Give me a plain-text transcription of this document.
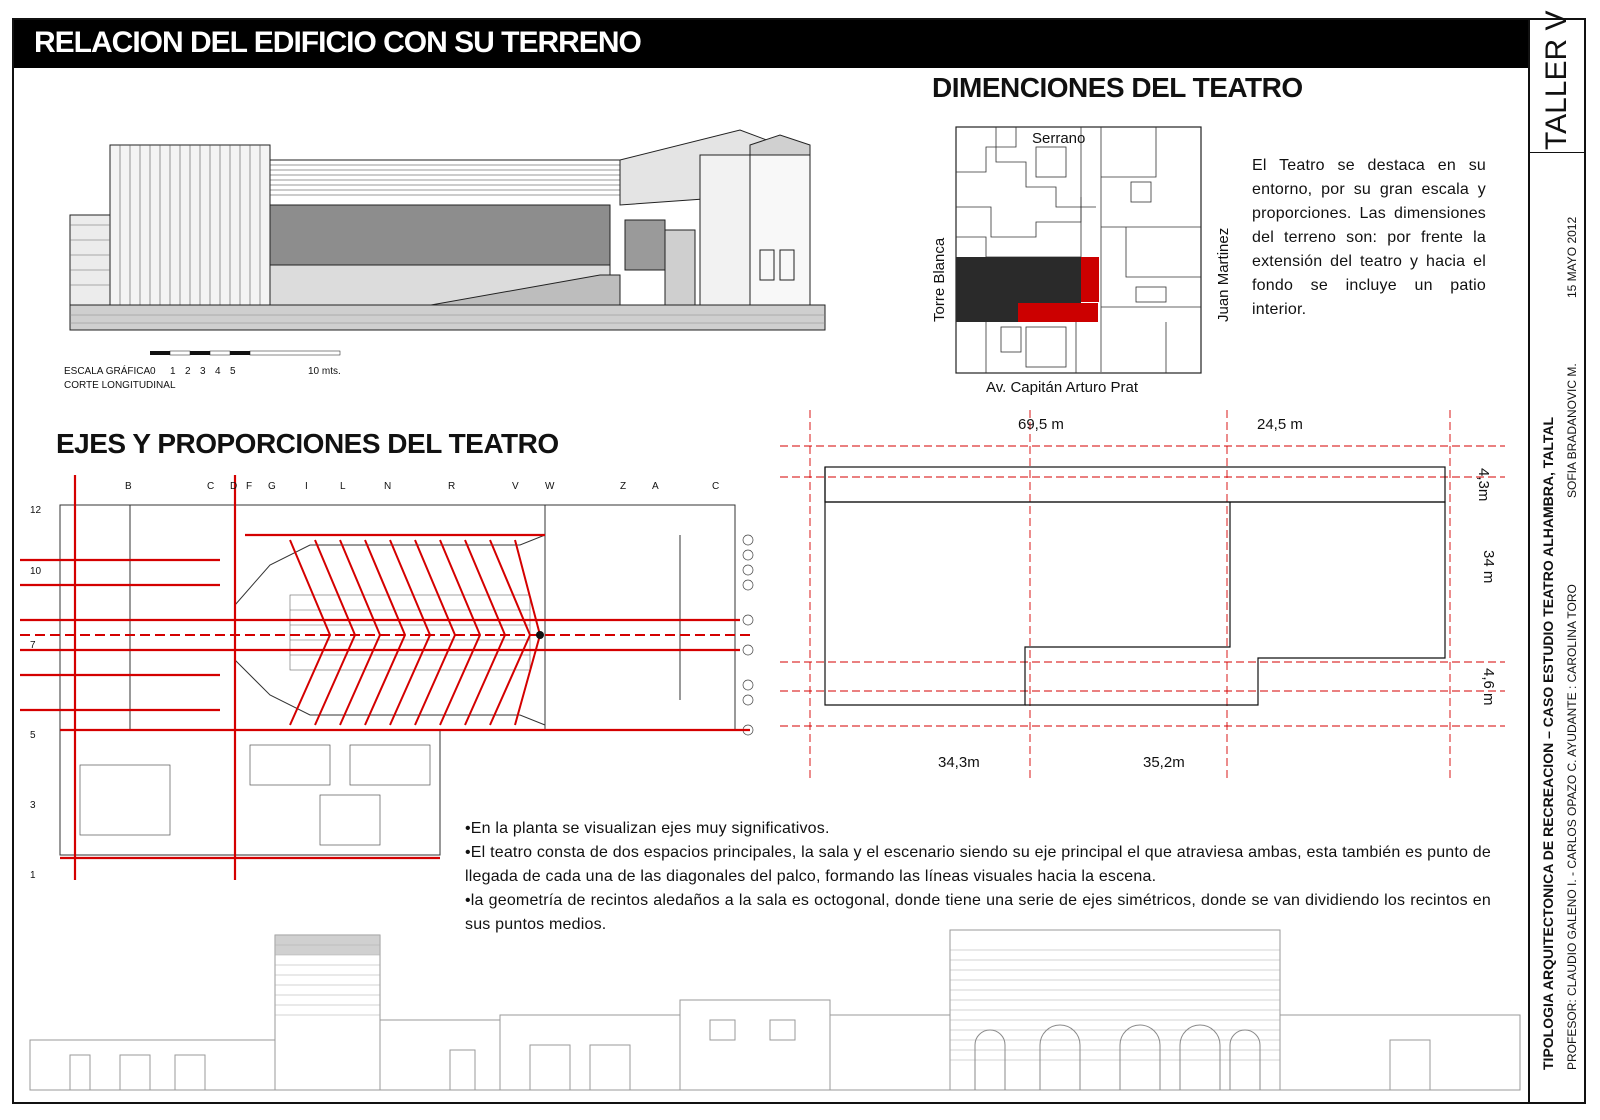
RELACION DEL EDIFICIO CON SU TERRENO	TALLER V
TIPOLOGIA ARQUITECTONICA DE RECREACION – CASO ESTUDIO TEATRO ALHAMBRA, TALTAL
15 MAYO 2012
SOFIA BRADANOVIC M.
PROFESOR: CLAUDIO GALENO I. - CARLOS OPAZO C. AYUDANTE : CAROLINA TORO
ESCALA GRÁFICA 0 1 2 3 4 5	10 mts.
CORTE LONGITUDINAL
DIMENCIONES DEL TEATRO
Serrano
Av. Capitán Arturo Prat
Torre Blanca	Juan Martinez
El Teatro se destaca en su entorno, por su gran escala y proporciones. Las dimensiones del terreno son: por frente la extensión del teatro y hacia el fondo se incluye un patio interior.
69,5 m	24,5 m
34,3m	35,2m
4,3m
34 m
4,6 m
EJES Y PROPORCIONES DEL TEATRO
B	C D F G	I	L	N	R	V	W	Z	A	C
12
10
7
5
3
1
•En la planta se visualizan ejes muy significativos.
•El teatro consta de dos espacios principales, la sala y el escenario siendo su eje principal el que atraviesa ambas, esta también es punto de llegada de cada una de las diagonales del palco, formando las líneas visuales hacia la escena.
•la geometría de recintos aledaños a la sala es octogonal, donde tiene una serie de ejes simétricos, donde se van dividiendo los recintos en sus puntos medios.
